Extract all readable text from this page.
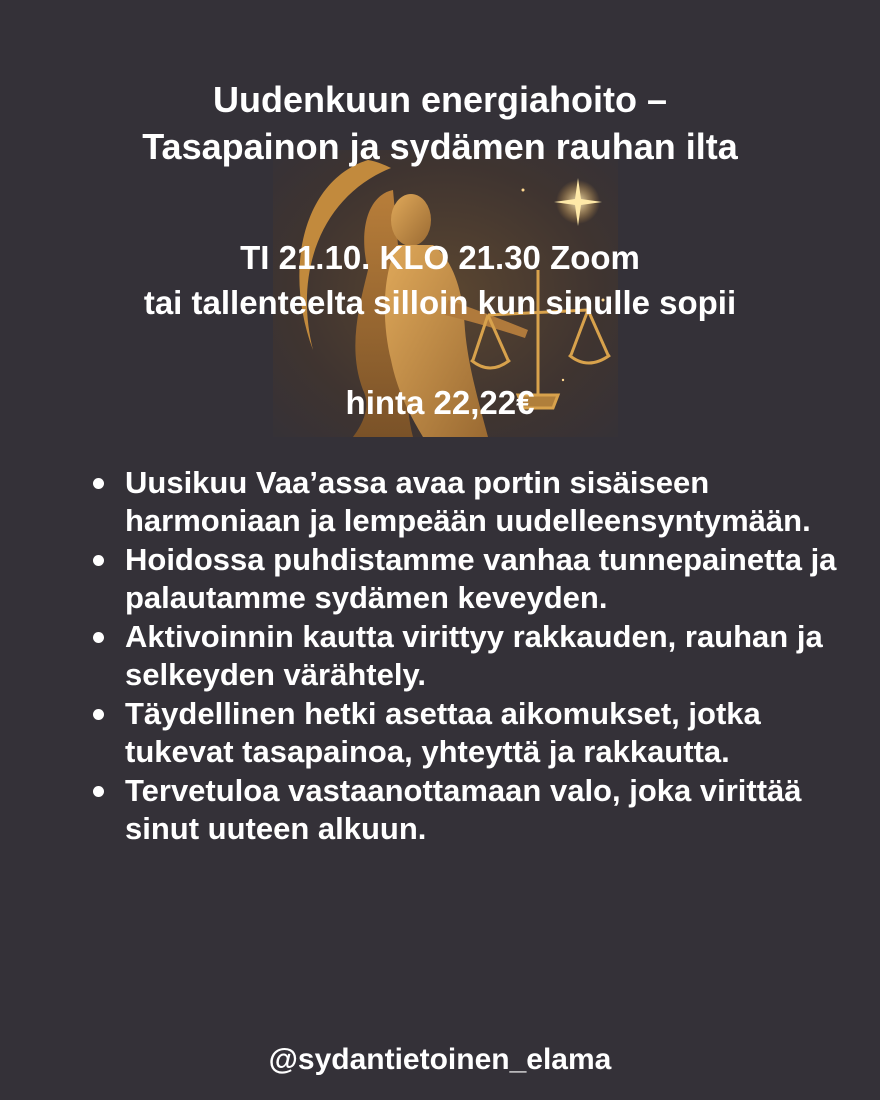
Uudenkuun energiahoito –
Tasapainon ja sydämen rauhan ilta
TI 21.10. KLO 21.30 Zoom
tai tallenteelta silloin kun sinulle sopii
hinta 22,22€
Uusikuu Vaa’assa avaa portin sisäiseen harmoniaan ja lempeään uudelleensyntymään.
Hoidossa puhdistamme vanhaa tunnepainetta ja palautamme sydämen keveyden.
Aktivoinnin kautta virittyy rakkauden, rauhan ja selkeyden värähtely.
Täydellinen hetki asettaa aikomukset, jotka tukevat tasapainoa, yhteyttä ja rakkautta.
Tervetuloa vastaanottamaan valo, joka virittää sinut uuteen alkuun.
@sydantietoinen_elama
